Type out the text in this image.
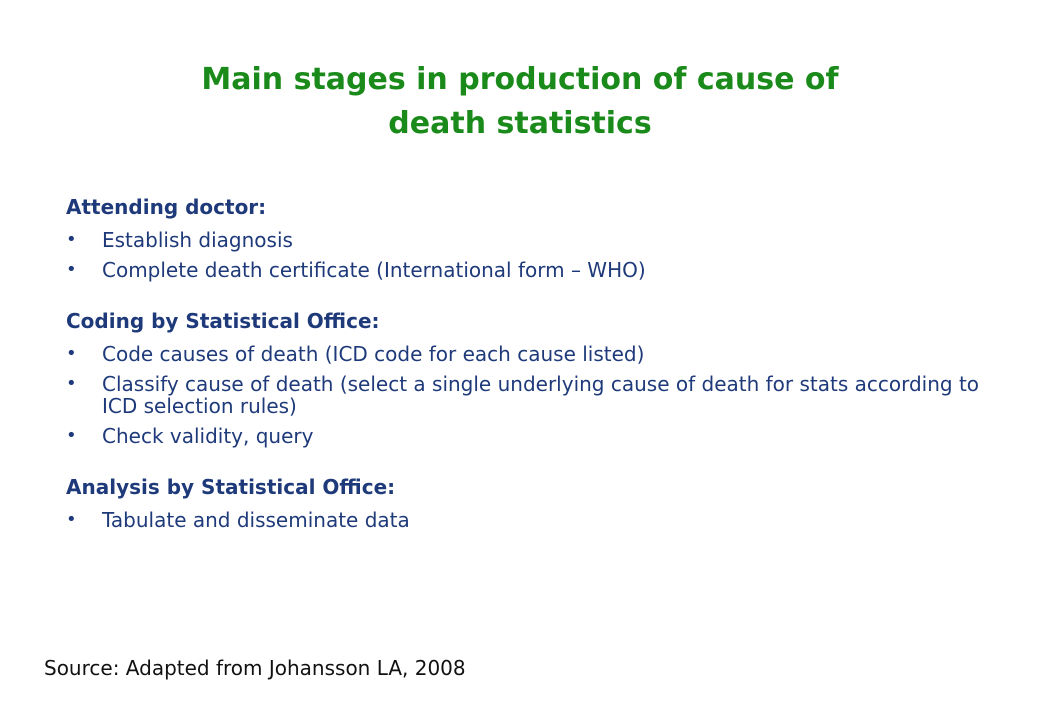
Main stages in production of cause of
death statistics

Attending doctor:

• Establish diagnosis
• Complete death certificate (International form – WHO)

Coding by Statistical Office:

• Code causes of death (ICD code for each cause listed)
• Classify cause of death (select a single underlying cause of death for stats according to ICD selection rules)
• Check validity, query

Analysis by Statistical Office:

• Tabulate and disseminate data

Source: Adapted from Johansson LA, 2008
